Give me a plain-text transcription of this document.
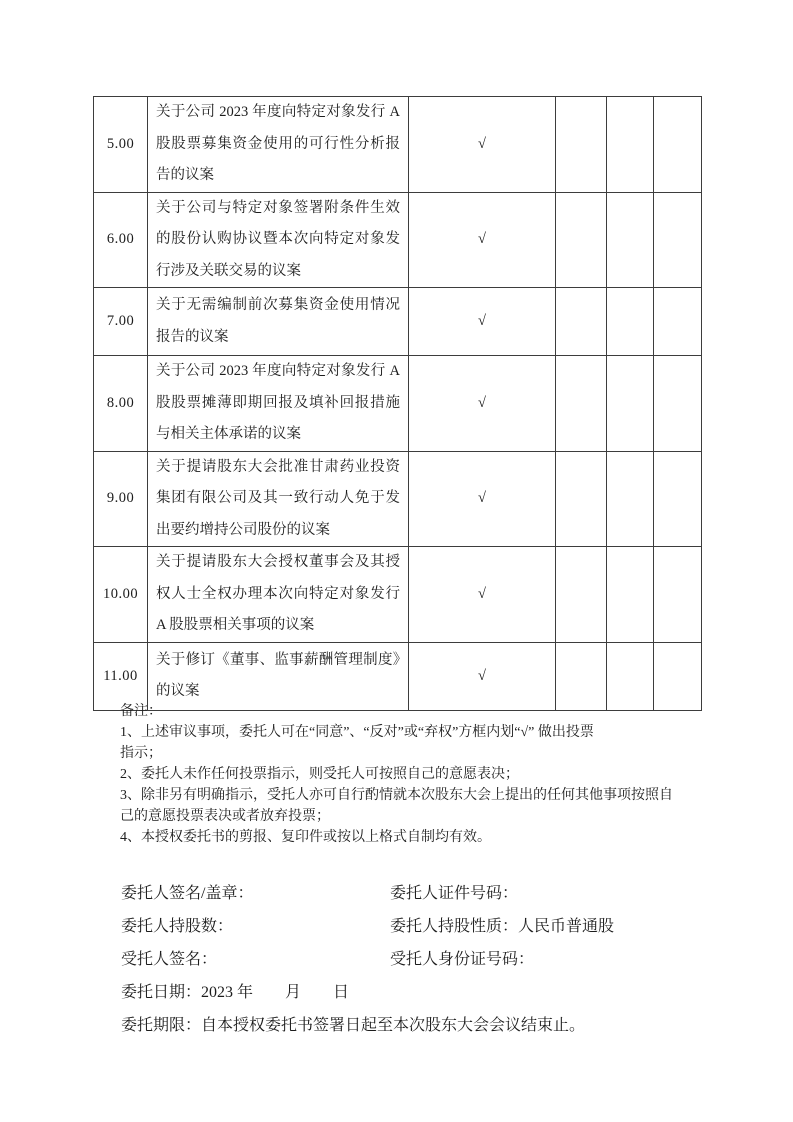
5.00	关于公司 2023 年度向特定对象发行 A 股股票募集资金使用的可行性分析报告的议案	√			
6.00	关于公司与特定对象签署附条件生效的股份认购协议暨本次向特定对象发行涉及关联交易的议案	√			
7.00	关于无需编制前次募集资金使用情况报告的议案	√			
8.00	关于公司 2023 年度向特定对象发行 A 股股票摊薄即期回报及填补回报措施与相关主体承诺的议案	√			
9.00	关于提请股东大会批准甘肃药业投资集团有限公司及其一致行动人免于发出要约增持公司股份的议案	√			
10.00	关于提请股东大会授权董事会及其授权人士全权办理本次向特定对象发行 A 股股票相关事项的议案	√			
11.00	关于修订《董事、监事薪酬管理制度》的议案	√			
备注：
1、上述审议事项，委托人可在“同意”、“反对”或“弃权”方框内划“√” 做出投票
指示；
2、委托人未作任何投票指示，则受托人可按照自己的意愿表决；
3、除非另有明确指示，受托人亦可自行酌情就本次股东大会上提出的任何其他事项按照自
己的意愿投票表决或者放弃投票；
4、本授权委托书的剪报、复印件或按以上格式自制均有效。
委托人签名/盖章：	委托人证件号码：
委托人持股数：	委托人持股性质：人民币普通股
受托人签名：	受托人身份证号码：
委托日期：2023 年　　月　　日
委托期限：自本授权委托书签署日起至本次股东大会会议结束止。
